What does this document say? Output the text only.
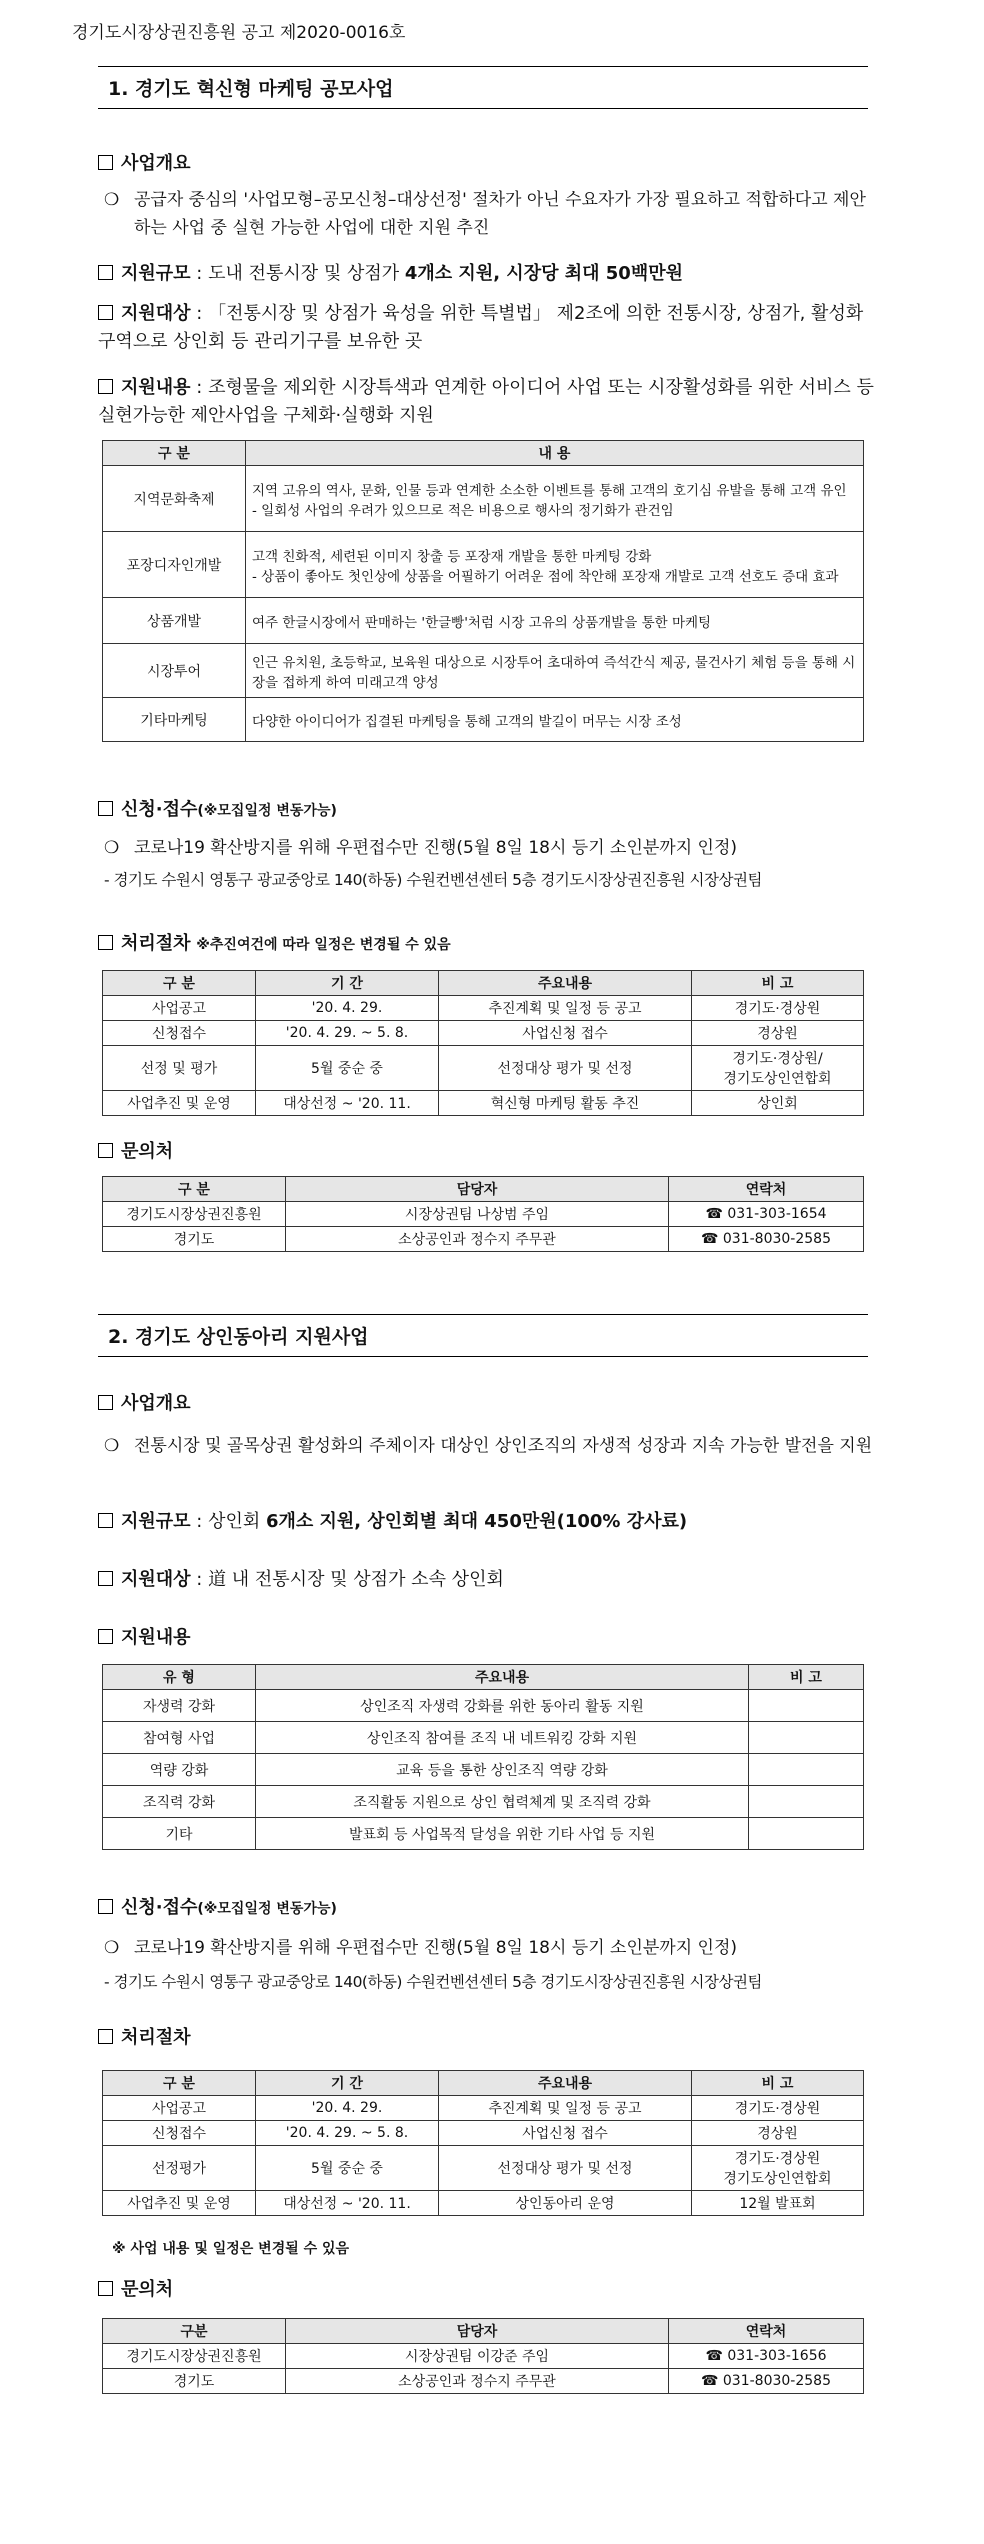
경기도시장상권진흥원 공고 제2020-0016호
1. 경기도 혁신형 마케팅 공모사업
사업개요
❍ 공급자 중심의 '사업모형–공모신청–대상선정' 절차가 아닌 수요자가 가장 필요하고 적합하다고 제안하는 사업 중 실현 가능한 사업에 대한 지원 추진
지원규모 : 도내 전통시장 및 상점가 4개소 지원, 시장당 최대 50백만원
지원대상 : 「전통시장 및 상점가 육성을 위한 특별법」 제2조에 의한 전통시장, 상점가, 활성화 구역으로 상인회 등 관리기구를 보유한 곳
지원내용 : 조형물을 제외한 시장특색과 연계한 아이디어 사업 또는 시장활성화를 위한 서비스 등 실현가능한 제안사업을 구체화·실행화 지원
구 분	내 용
지역문화축제	지역 고유의 역사, 문화, 인물 등과 연계한 소소한 이벤트를 통해 고객의 호기심 유발을 통해 고객 유인
- 일회성 사업의 우려가 있으므로 적은 비용으로 행사의 정기화가 관건임
포장디자인개발	고객 친화적, 세련된 이미지 창출 등 포장재 개발을 통한 마케팅 강화
- 상품이 좋아도 첫인상에 상품을 어필하기 어려운 점에 착안해 포장재 개발로 고객 선호도 증대 효과
상품개발	여주 한글시장에서 판매하는 '한글빵'처럼 시장 고유의 상품개발을 통한 마케팅
시장투어	인근 유치원, 초등학교, 보육원 대상으로 시장투어 초대하여 즉석간식 제공, 물건사기 체험 등을 통해 시장을 접하게 하여 미래고객 양성
기타마케팅	다양한 아이디어가 집결된 마케팅을 통해 고객의 발길이 머무는 시장 조성
신청·접수(※모집일정 변동가능)
❍ 코로나19 확산방지를 위해 우편접수만 진행(5월 8일 18시 등기 소인분까지 인정)
- 경기도 수원시 영통구 광교중앙로 140(하동) 수원컨벤션센터 5층 경기도시장상권진흥원 시장상권팀
처리절차 ※추진여건에 따라 일정은 변경될 수 있음
구 분	기 간	주요내용	비 고
사업공고	'20. 4. 29.	추진계획 및 일정 등 공고	경기도·경상원
신청접수	'20. 4. 29. ~ 5. 8.	사업신청 접수	경상원
선정 및 평가	5월 중순 중	선정대상 평가 및 선정	경기도·경상원/
경기도상인연합회
사업추진 및 운영	대상선정 ~ '20. 11.	혁신형 마케팅 활동 추진	상인회
문의처
구 분	담당자	연락처
경기도시장상권진흥원	시장상권팀 나상범 주임	☎ 031-303-1654
경기도	소상공인과 정수지 주무관	☎ 031-8030-2585
2. 경기도 상인동아리 지원사업
사업개요
❍ 전통시장 및 골목상권 활성화의 주체이자 대상인 상인조직의 자생적 성장과 지속 가능한 발전을 지원
지원규모 : 상인회 6개소 지원, 상인회별 최대 450만원(100% 강사료)
지원대상 : 道 내 전통시장 및 상점가 소속 상인회
지원내용
유 형	주요내용	비 고
자생력 강화	상인조직 자생력 강화를 위한 동아리 활동 지원	
참여형 사업	상인조직 참여를 조직 내 네트워킹 강화 지원	
역량 강화	교육 등을 통한 상인조직 역량 강화	
조직력 강화	조직활동 지원으로 상인 협력체계 및 조직력 강화	
기타	발표회 등 사업목적 달성을 위한 기타 사업 등 지원	
신청·접수(※모집일정 변동가능)
❍ 코로나19 확산방지를 위해 우편접수만 진행(5월 8일 18시 등기 소인분까지 인정)
- 경기도 수원시 영통구 광교중앙로 140(하동) 수원컨벤션센터 5층 경기도시장상권진흥원 시장상권팀
처리절차
구 분	기 간	주요내용	비 고
사업공고	'20. 4. 29.	추진계획 및 일정 등 공고	경기도·경상원
신청접수	'20. 4. 29. ~ 5. 8.	사업신청 접수	경상원
선정평가	5월 중순 중	선정대상 평가 및 선정	경기도·경상원
경기도상인연합회
사업추진 및 운영	대상선정 ~ '20. 11.	상인동아리 운영	12월 발표회
※ 사업 내용 및 일정은 변경될 수 있음
문의처
구분	담당자	연락처
경기도시장상권진흥원	시장상권팀 이강준 주임	☎ 031-303-1656
경기도	소상공인과 정수지 주무관	☎ 031-8030-2585
